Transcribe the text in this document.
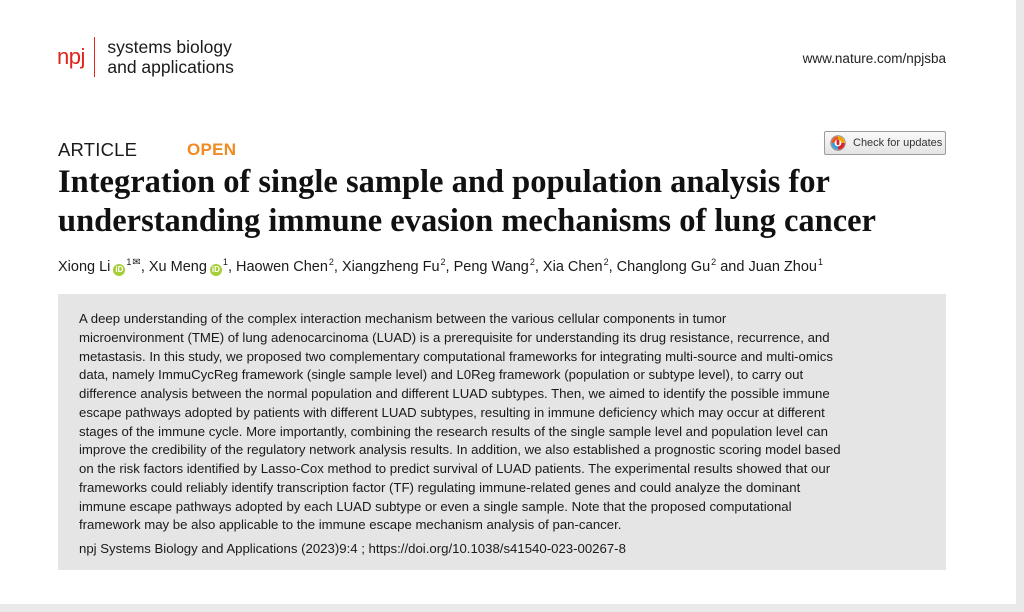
npj systems biology
and applications	www.nature.com/npjsba
ARTICLE	OPEN	Check for updates
Integration of single sample and population analysis for
understanding immune evasion mechanisms of lung cancer
Xiong Li $iD^1✉$, Xu Meng $iD^1$, Haowen Chen$^2$, Xiangzheng Fu$^2$, Peng Wang$^2$, Xia Chen$^2$, Changlong Gu$^2$ and Juan Zhou$^1$
A deep understanding of the complex interaction mechanism between the various cellular components in tumor
microenvironment (TME) of lung adenocarcinoma (LUAD) is a prerequisite for understanding its drug resistance, recurrence, and
metastasis. In this study, we proposed two complementary computational frameworks for integrating multi-source and multi-omics
data, namely ImmuCycReg framework (single sample level) and L0Reg framework (population or subtype level), to carry out
difference analysis between the normal population and different LUAD subtypes. Then, we aimed to identify the possible immune
escape pathways adopted by patients with different LUAD subtypes, resulting in immune deficiency which may occur at different
stages of the immune cycle. More importantly, combining the research results of the single sample level and population level can
improve the credibility of the regulatory network analysis results. In addition, we also established a prognostic scoring model based
on the risk factors identified by Lasso-Cox method to predict survival of LUAD patients. The experimental results showed that our
frameworks could reliably identify transcription factor (TF) regulating immune-related genes and could analyze the dominant
immune escape pathways adopted by each LUAD subtype or even a single sample. Note that the proposed computational
framework may be also applicable to the immune escape mechanism analysis of pan-cancer.
npj Systems Biology and Applications (2023)9:4 ; https://doi.org/10.1038/s41540-023-00267-8
